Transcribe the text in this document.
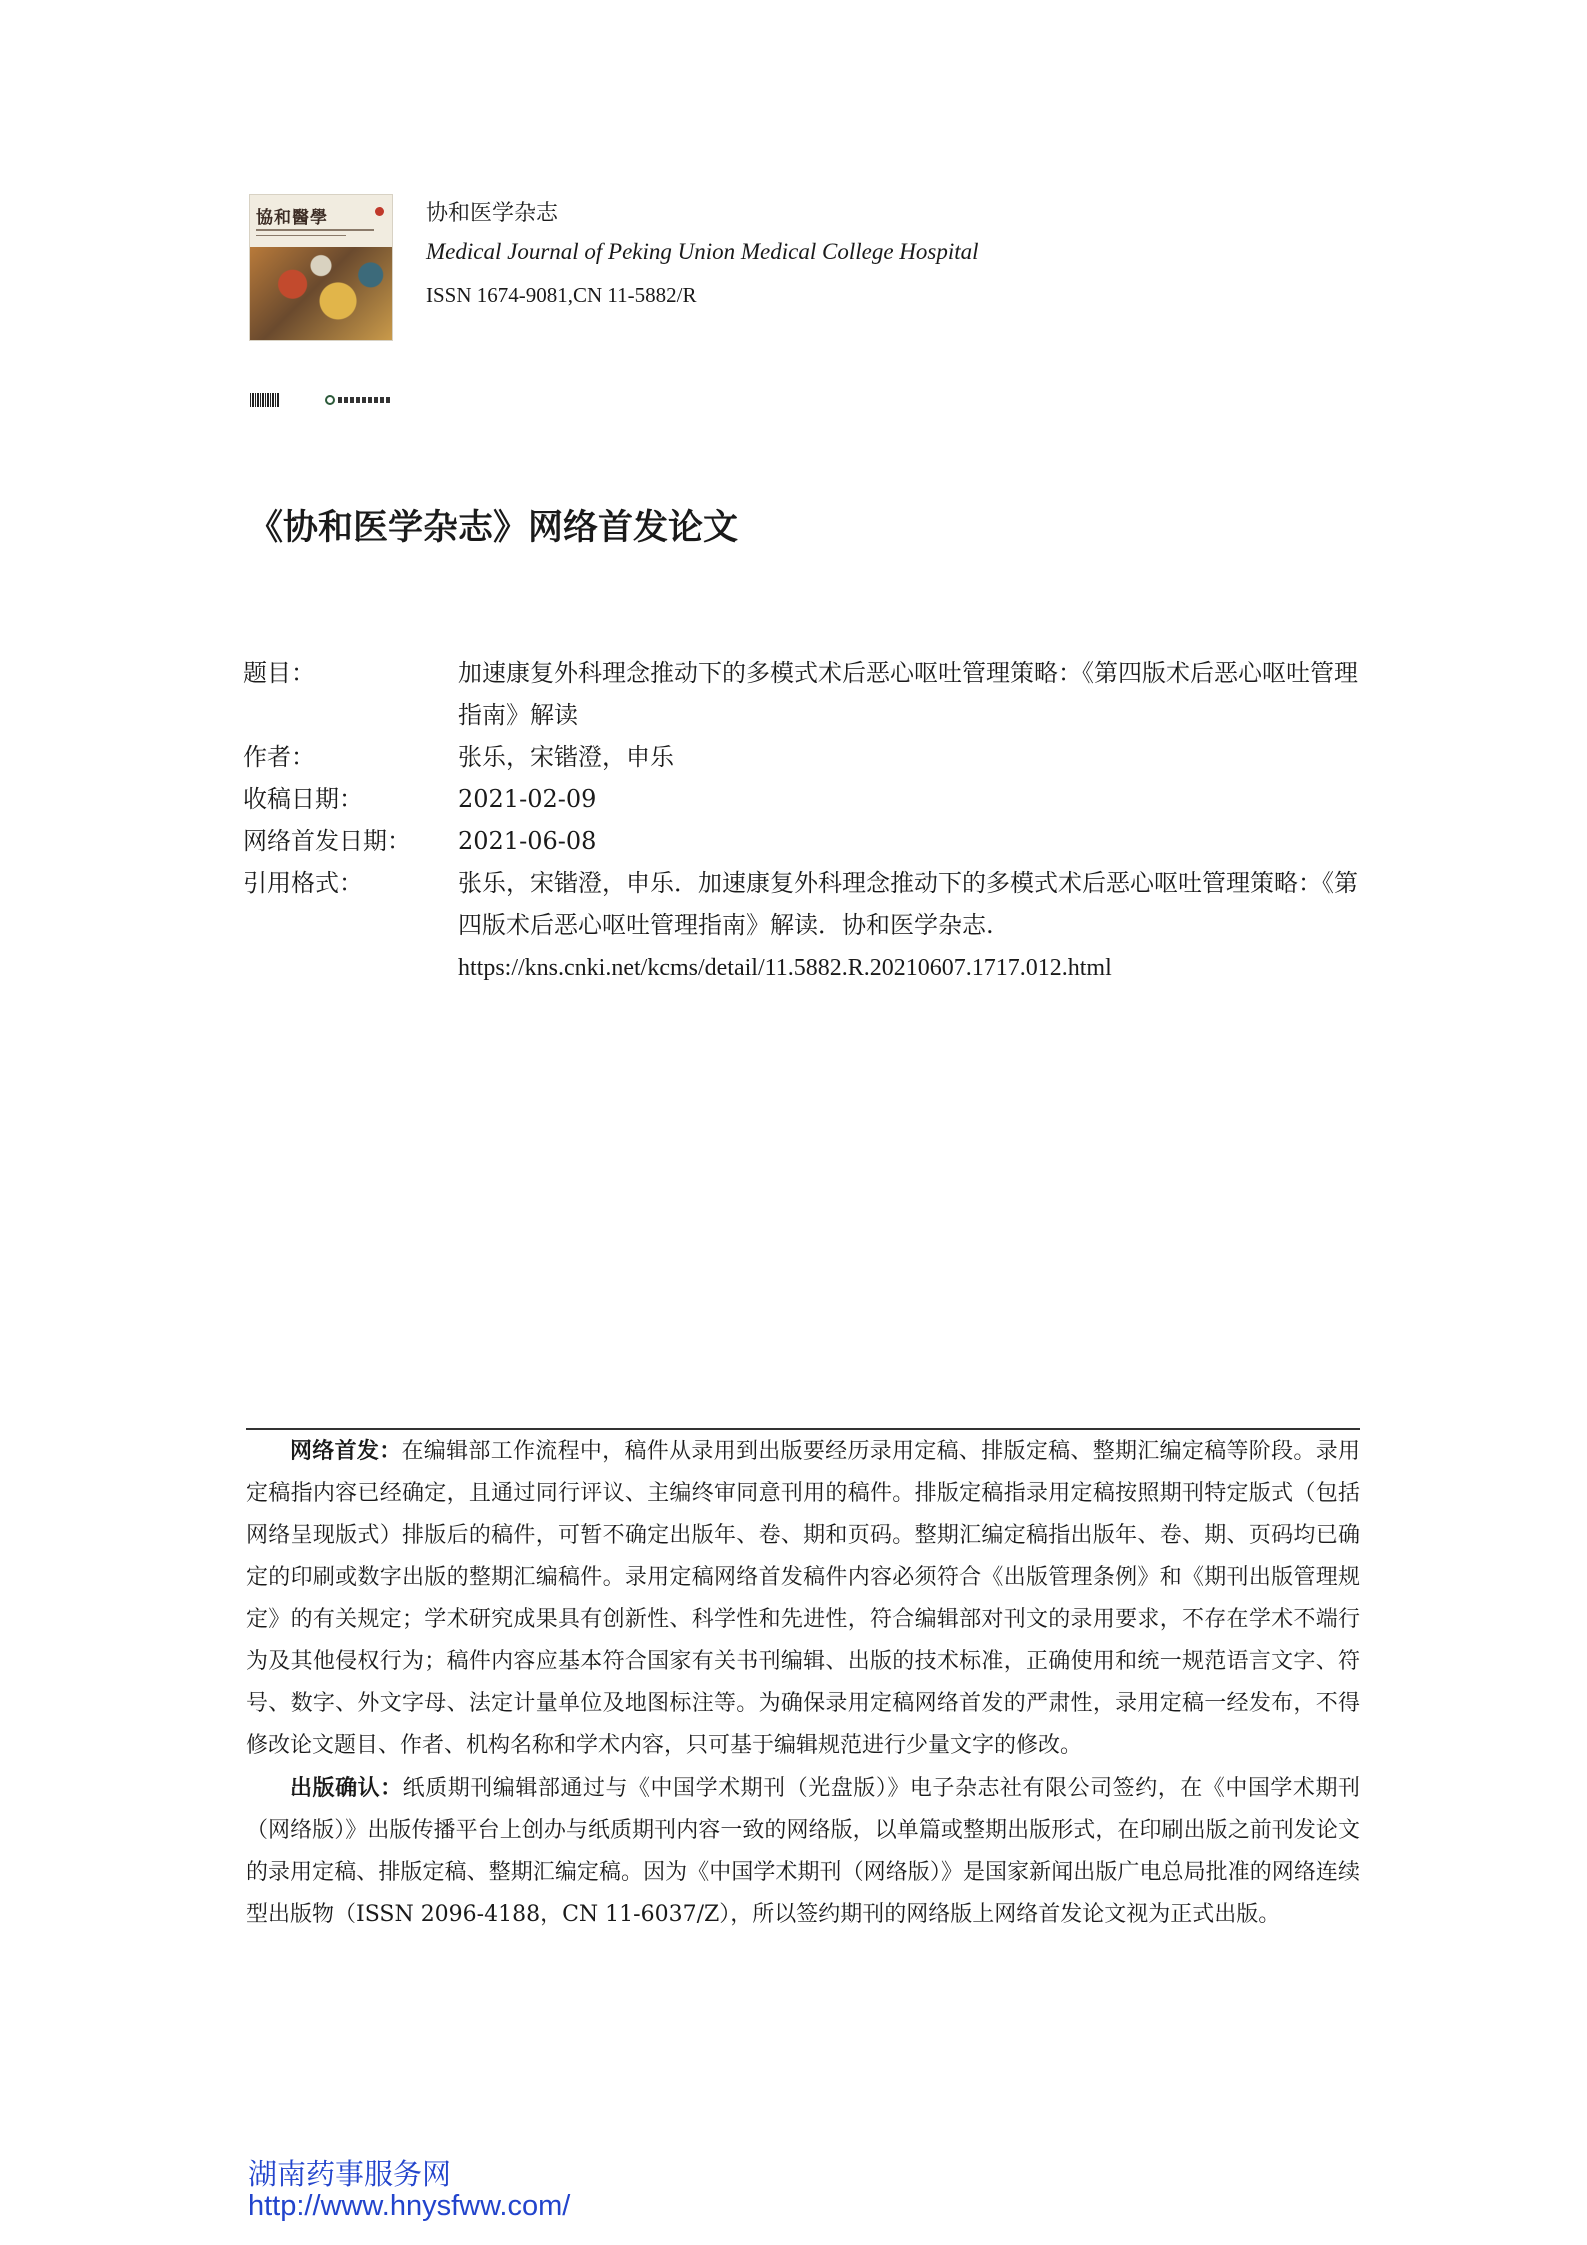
協和醫學	协和医学杂志
Medical Journal of Peking Union Medical College Hospital
ISSN 1674-9081,CN 11-5882/R
《协和医学杂志》网络首发论文
题目：	加速康复外科理念推动下的多模式术后恶心呕吐管理策略：《第四版术后恶心呕吐管理指南》解读
作者：	张乐，宋锴澄，申乐
收稿日期：	2021-02-09
网络首发日期：	2021-06-08
引用格式：	张乐，宋锴澄，申乐．加速康复外科理念推动下的多模式术后恶心呕吐管理策略：《第四版术后恶心呕吐管理指南》解读．协和医学杂志.
https://kns.cnki.net/kcms/detail/11.5882.R.20210607.1717.012.html

网络首发：在编辑部工作流程中，稿件从录用到出版要经历录用定稿、排版定稿、整期汇编定稿等阶段。录用定稿指内容已经确定，且通过同行评议、主编终审同意刊用的稿件。排版定稿指录用定稿按照期刊特定版式（包括网络呈现版式）排版后的稿件，可暂不确定出版年、卷、期和页码。整期汇编定稿指出版年、卷、期、页码均已确定的印刷或数字出版的整期汇编稿件。录用定稿网络首发稿件内容必须符合《出版管理条例》和《期刊出版管理规定》的有关规定；学术研究成果具有创新性、科学性和先进性，符合编辑部对刊文的录用要求，不存在学术不端行为及其他侵权行为；稿件内容应基本符合国家有关书刊编辑、出版的技术标准，正确使用和统一规范语言文字、符号、数字、外文字母、法定计量单位及地图标注等。为确保录用定稿网络首发的严肃性，录用定稿一经发布，不得修改论文题目、作者、机构名称和学术内容，只可基于编辑规范进行少量文字的修改。

出版确认：纸质期刊编辑部通过与《中国学术期刊（光盘版）》电子杂志社有限公司签约，在《中国学术期刊（网络版）》出版传播平台上创办与纸质期刊内容一致的网络版，以单篇或整期出版形式，在印刷出版之前刊发论文的录用定稿、排版定稿、整期汇编定稿。因为《中国学术期刊（网络版）》是国家新闻出版广电总局批准的网络连续型出版物（ISSN 2096-4188，CN 11-6037/Z），所以签约期刊的网络版上网络首发论文视为正式出版。

湖南药事服务网
http://www.hnysfww.com/
